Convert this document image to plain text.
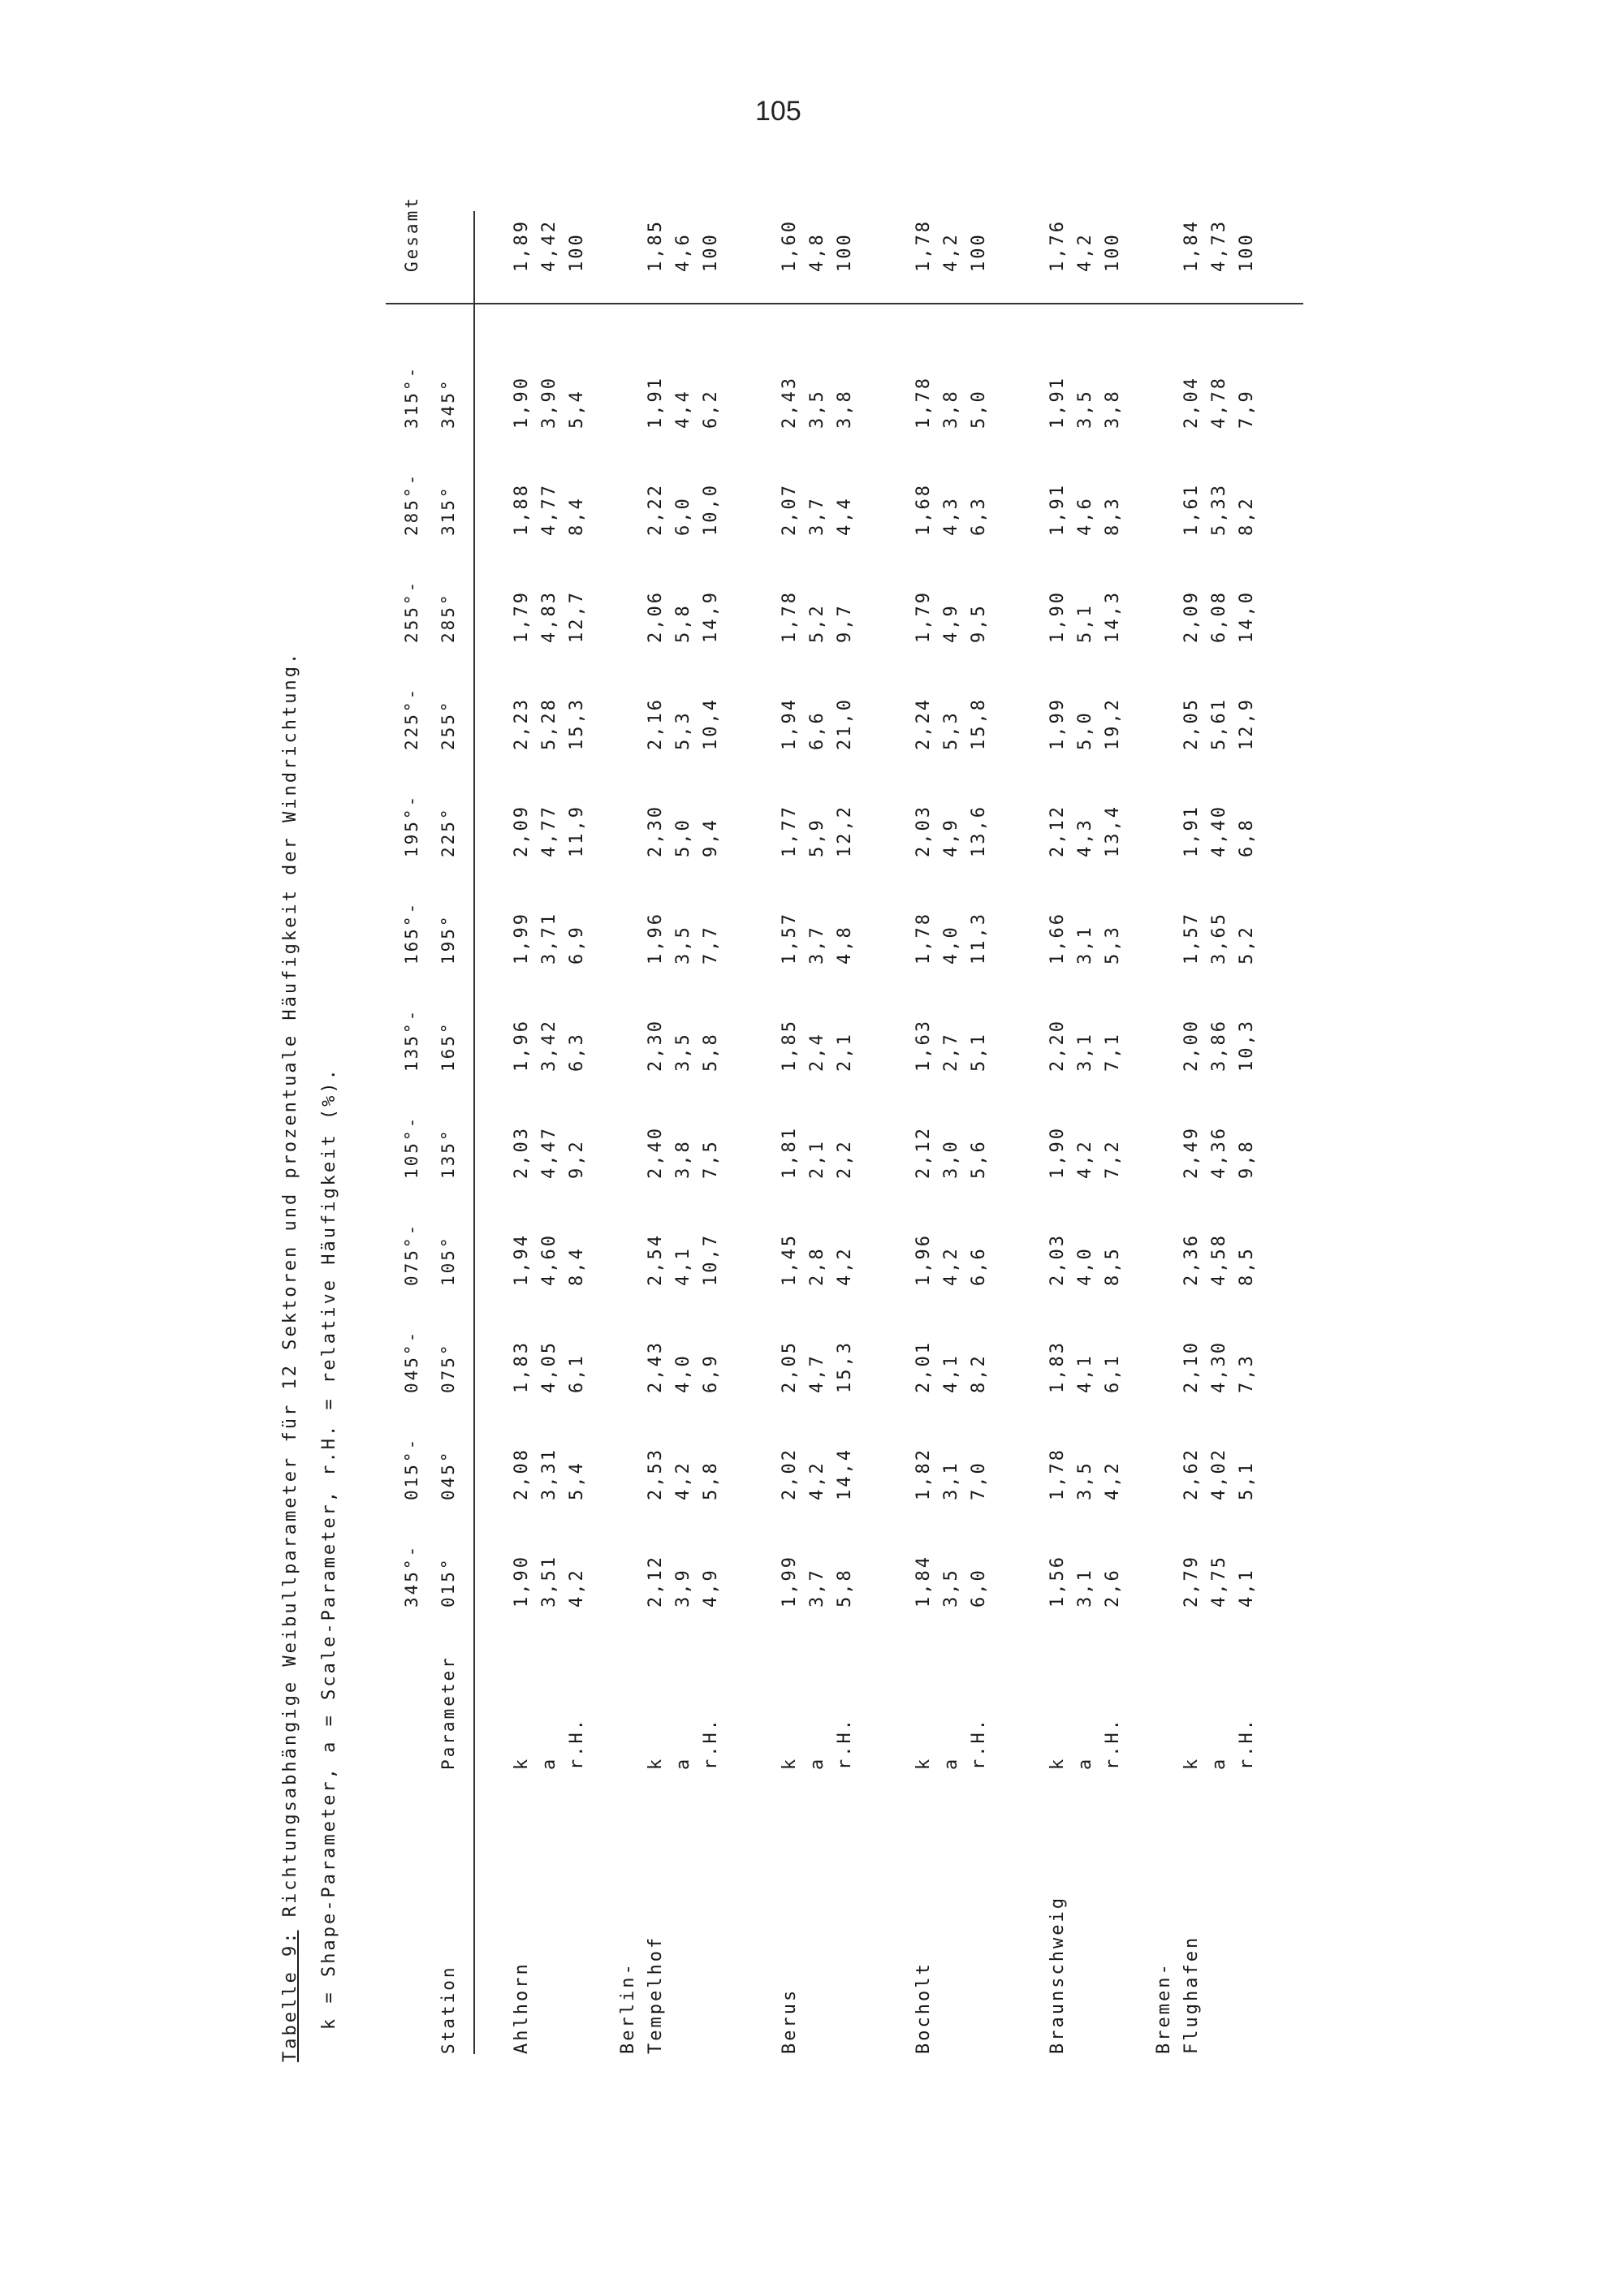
105
Tabelle 9: Richtungsabhängige Weibullparameter für 12 Sektoren und prozentuale Häufigkeit der Windrichtung. k = Shape-Parameter, a = Scale-Parameter, r.H. = relative Häufigkeit (%).	Station
Parameter
345°- 015°
015°- 045°
045°- 075°
075°- 105°
105°- 135°
135°- 165°
165°- 195°
195°- 225°
225°- 255°
255°- 285°
285°- 315°
315°- 345°
Gesamt
Ahlhorn
k
1,90
2,08
1,83
1,94
2,03
1,96
1,99
2,09
2,23
1,79
1,88
1,90
1,89
a
3,51
3,31
4,05
4,60
4,47
3,42
3,71
4,77
5,28
4,83
4,77
3,90
4,42
r.H.
4,2
5,4
6,1
8,4
9,2
6,3
6,9
11,9
15,3
12,7
8,4
5,4
100
Berlin- Tempelhof
k
2,12
2,53
2,43
2,54
2,40
2,30
1,96
2,30
2,16
2,06
2,22
1,91
1,85
a
3,9
4,2
4,0
4,1
3,8
3,5
3,5
5,0
5,3
5,8
6,0
4,4
4,6
r.H.
4,9
5,8
6,9
10,7
7,5
5,8
7,7
9,4
10,4
14,9
10,0
6,2
100
Berus
k
1,99
2,02
2,05
1,45
1,81
1,85
1,57
1,77
1,94
1,78
2,07
2,43
1,60
a
3,7
4,2
4,7
2,8
2,1
2,4
3,7
5,9
6,6
5,2
3,7
3,5
4,8
r.H.
5,8
14,4
15,3
4,2
2,2
2,1
4,8
12,2
21,0
9,7
4,4
3,8
100
Bocholt
k
1,84
1,82
2,01
1,96
2,12
1,63
1,78
2,03
2,24
1,79
1,68
1,78
1,78
a
3,5
3,1
4,1
4,2
3,0
2,7
4,0
4,9
5,3
4,9
4,3
3,8
4,2
r.H.
6,0
7,0
8,2
6,6
5,6
5,1
11,3
13,6
15,8
9,5
6,3
5,0
100
Braunschweig
k
1,56
1,78
1,83
2,03
1,90
2,20
1,66
2,12
1,99
1,90
1,91
1,91
1,76
a
3,1
3,5
4,1
4,0
4,2
3,1
3,1
4,3
5,0
5,1
4,6
3,5
4,2
r.H.
2,6
4,2
6,1
8,5
7,2
7,1
5,3
13,4
19,2
14,3
8,3
3,8
100
Bremen- Flughafen
k
2,79
2,62
2,10
2,36
2,49
2,00
1,57
1,91
2,05
2,09
1,61
2,04
1,84
a
4,75
4,02
4,30
4,58
4,36
3,86
3,65
4,40
5,61
6,08
5,33
4,78
4,73
r.H.
4,1
5,1
7,3
8,5
9,8
10,3
5,2
6,8
12,9
14,0
8,2
7,9
100
